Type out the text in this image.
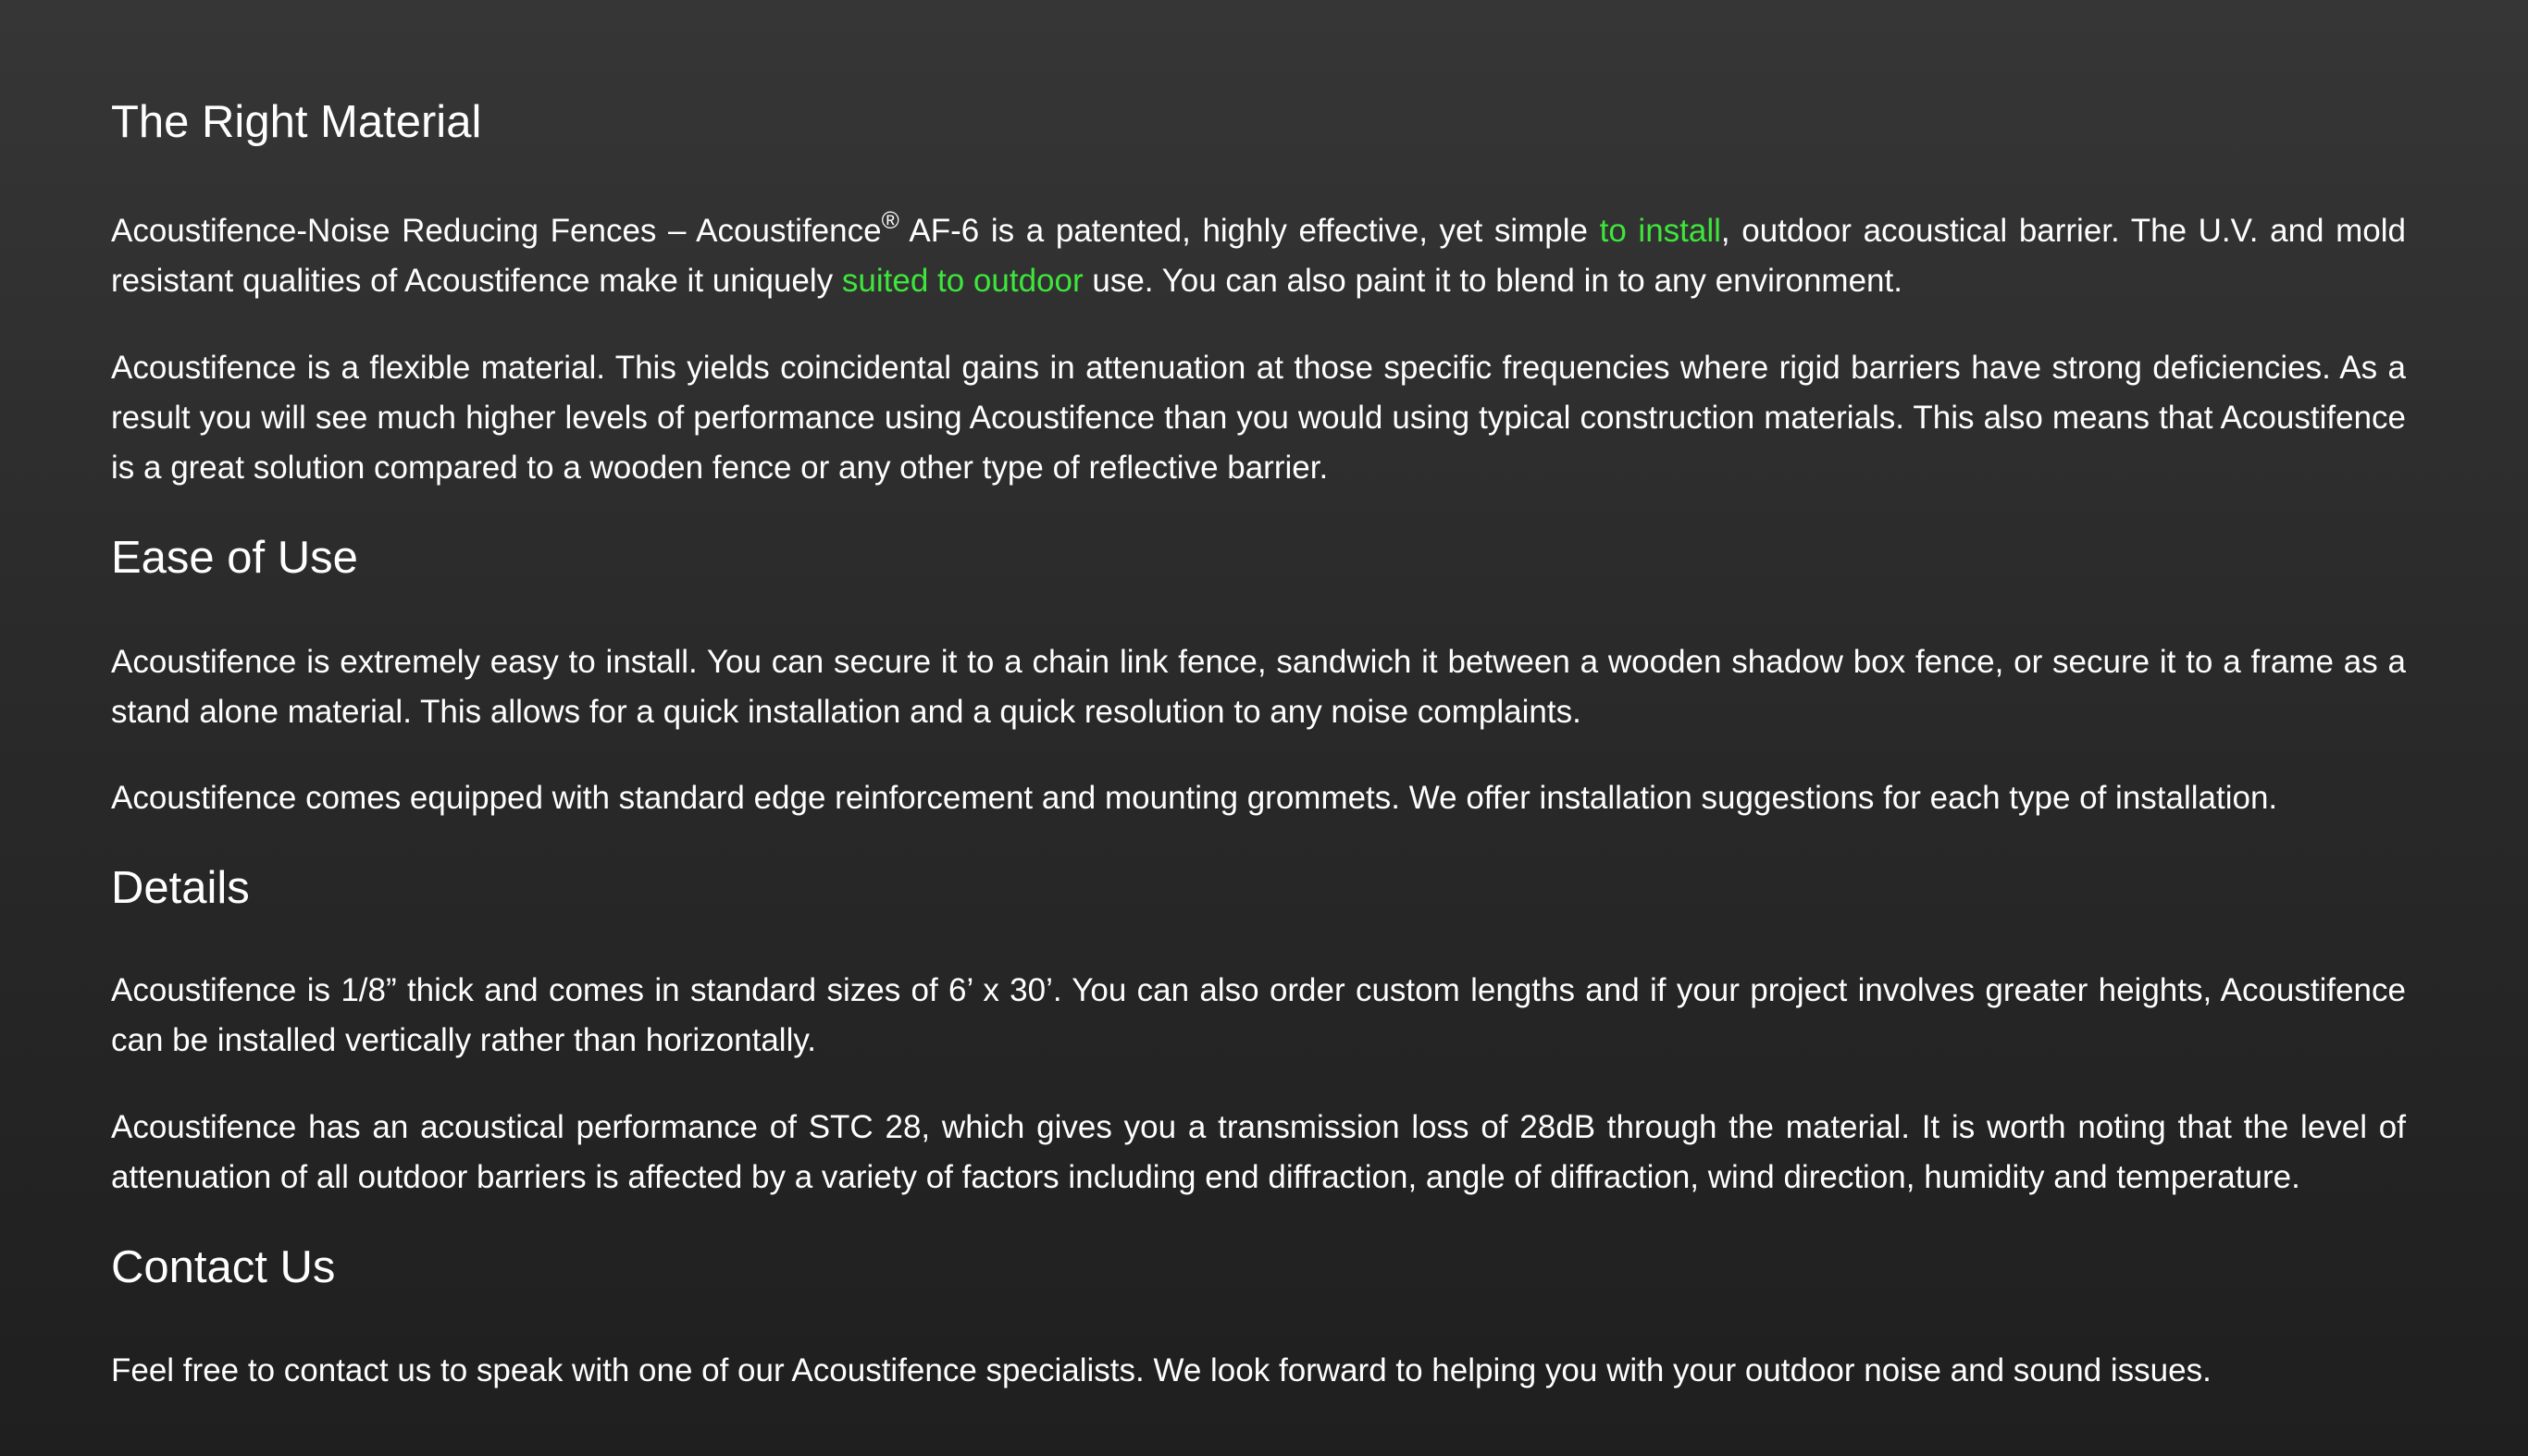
The Right Material

Acoustifence-Noise Reducing Fences – Acoustifence® AF-6 is a patented, highly effective, yet simple to install, outdoor acoustical barrier. The U.V. and mold resistant qualities of Acoustifence make it uniquely suited to outdoor use. You can also paint it to blend in to any environment.

Acoustifence is a flexible material. This yields coincidental gains in attenuation at those specific frequencies where rigid barriers have strong deficiencies. As a result you will see much higher levels of performance using Acoustifence than you would using typical construction materials. This also means that Acoustifence is a great solution compared to a wooden fence or any other type of reflective barrier.

Ease of Use

Acoustifence is extremely easy to install. You can secure it to a chain link fence, sandwich it between a wooden shadow box fence, or secure it to a frame as a stand alone material. This allows for a quick installation and a quick resolution to any noise complaints.

Acoustifence comes equipped with standard edge reinforcement and mounting grommets. We offer installation suggestions for each type of installation.

Details

Acoustifence is 1/8” thick and comes in standard sizes of 6’ x 30’. You can also order custom lengths and if your project involves greater heights, Acoustifence can be installed vertically rather than horizontally.

Acoustifence has an acoustical performance of STC 28, which gives you a transmission loss of 28dB through the material. It is worth noting that the level of attenuation of all outdoor barriers is affected by a variety of factors including end diffraction, angle of diffraction, wind direction, humidity and temperature.

Contact Us

Feel free to contact us to speak with one of our Acoustifence specialists. We look forward to helping you with your outdoor noise and sound issues.
